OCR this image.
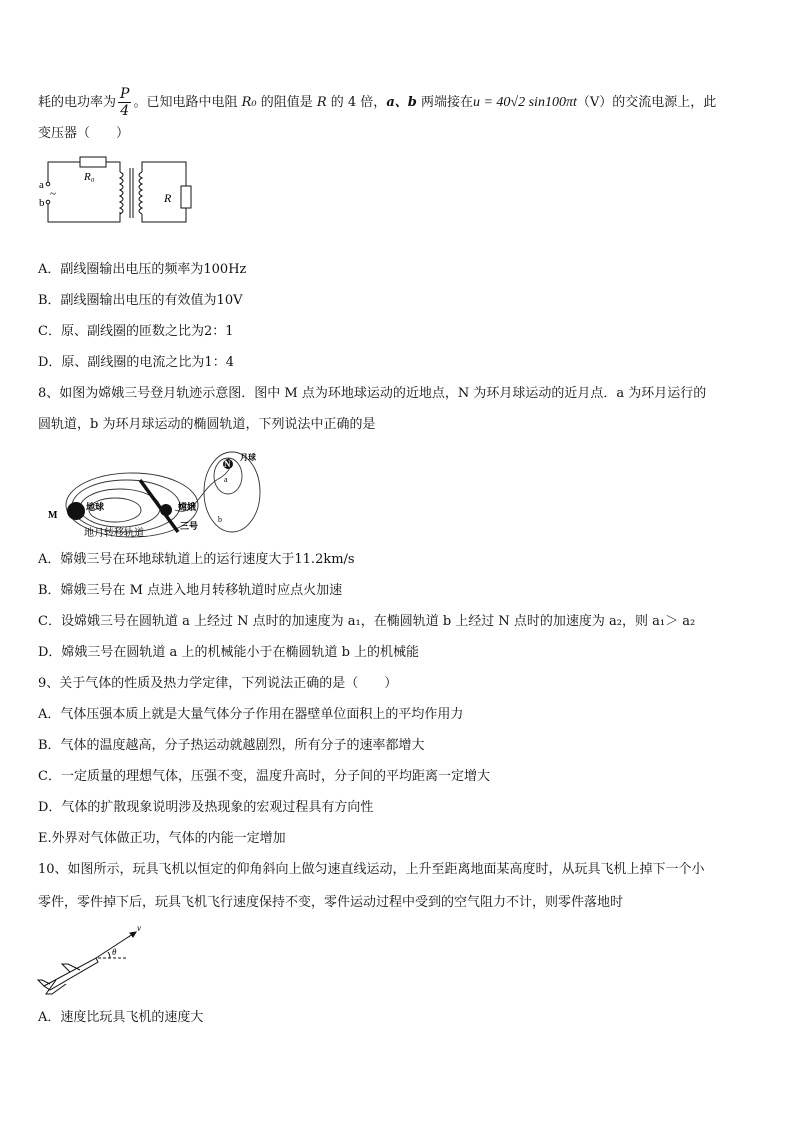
耗的电功率为 $\frac{P}{4}$ 。已知电路中电阻 R₀ 的阻值是 R 的 4 倍，a、b 两端接在u = 40√2 sin100πt（V）的交流电源上，此
变压器（　　）
a
b
~
R₀
R
A．副线圈输出电压的频率为100Hz
B．副线圈输出电压的有效值为10V
C．原、副线圈的匝数之比为2：1
D．原、副线圈的电流之比为1：4
8、如图为嫦娥三号登月轨迹示意图．图中 M 点为环地球运动的近地点，N 为环月球运动的近月点．a 为环月运行的
圆轨道，b 为环月球运动的椭圆轨道，下列说法中正确的是
地球
M
N
月球
a
b
嫦娥
三号
地月转移轨道
A．嫦娥三号在环地球轨道上的运行速度大于11.2km/s
B．嫦娥三号在 M 点进入地月转移轨道时应点火加速
C．设嫦娥三号在圆轨道 a 上经过 N 点时的加速度为 a₁，在椭圆轨道 b 上经过 N 点时的加速度为 a₂，则 a₁＞ a₂
D．嫦娥三号在圆轨道 a 上的机械能小于在椭圆轨道 b 上的机械能
9、关于气体的性质及热力学定律，下列说法正确的是（　　）
A．气体压强本质上就是大量气体分子作用在器壁单位面积上的平均作用力
B．气体的温度越高，分子热运动就越剧烈，所有分子的速率都增大
C．一定质量的理想气体，压强不变，温度升高时，分子间的平均距离一定增大
D．气体的扩散现象说明涉及热现象的宏观过程具有方向性
E.外界对气体做正功，气体的内能一定增加
10、如图所示，玩具飞机以恒定的仰角斜向上做匀速直线运动，上升至距离地面某高度时，从玩具飞机上掉下一个小
零件，零件掉下后，玩具飞机飞行速度保持不变，零件运动过程中受到的空气阻力不计，则零件落地时
v
θ
A．速度比玩具飞机的速度大
